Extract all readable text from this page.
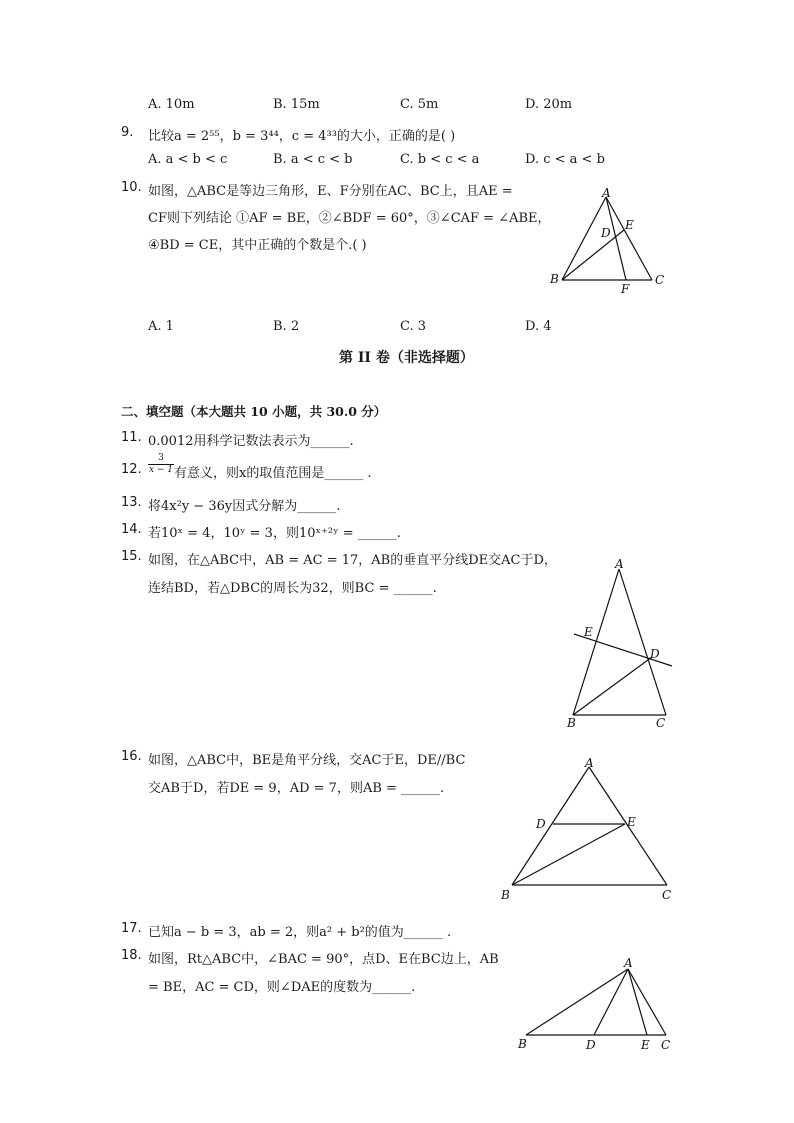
A. 10m	B. 15m	C. 5m	D. 20m
9. 比较a = 2⁵⁵，b = 3⁴⁴，c = 4³³的大小，正确的是( )
A. a < b < c	B. a < c < b	C. b < c < a	D. c < a < b
10. 如图，△ABC是等边三角形，E、F分别在AC、BC上，且AE =
CF则下列结论 ①AF = BE，②∠BDF = 60°，③∠CAF = ∠ABE，
④BD = CE，其中正确的个数是个.( )
A
B	C
D
E
F
A. 1	B. 2	C. 3	D. 4
第 II 卷（非选择题）
二、填空题（本大题共 10 小题，共 30.0 分）
11. 0.0012用科学记数法表示为______.
12. $\frac{3}{x - 1}$ 有意义，则x的取值范围是______ .
13. 将4x²y − 36y因式分解为______.
14. 若10ˣ = 4，10ʸ = 3，则10ˣ⁺²ʸ = ______.
15. 如图，在△ABC中，AB = AC = 17，AB的垂直平分线DE交AC于D，
连结BD，若△DBC的周长为32，则BC = ______.
A
B	C
D
E
16. 如图，△ABC中，BE是角平分线，交AC于E，DE//BC
交AB于D，若DE = 9，AD = 7，则AB = ______.
A
B	C
D	E
17. 已知a − b = 3，ab = 2，则a² + b²的值为______ .
18. 如图，Rt△ABC中，∠BAC = 90°，点D、E在BC边上，AB
= BE，AC = CD，则∠DAE的度数为______.
A
B	C
D	E
